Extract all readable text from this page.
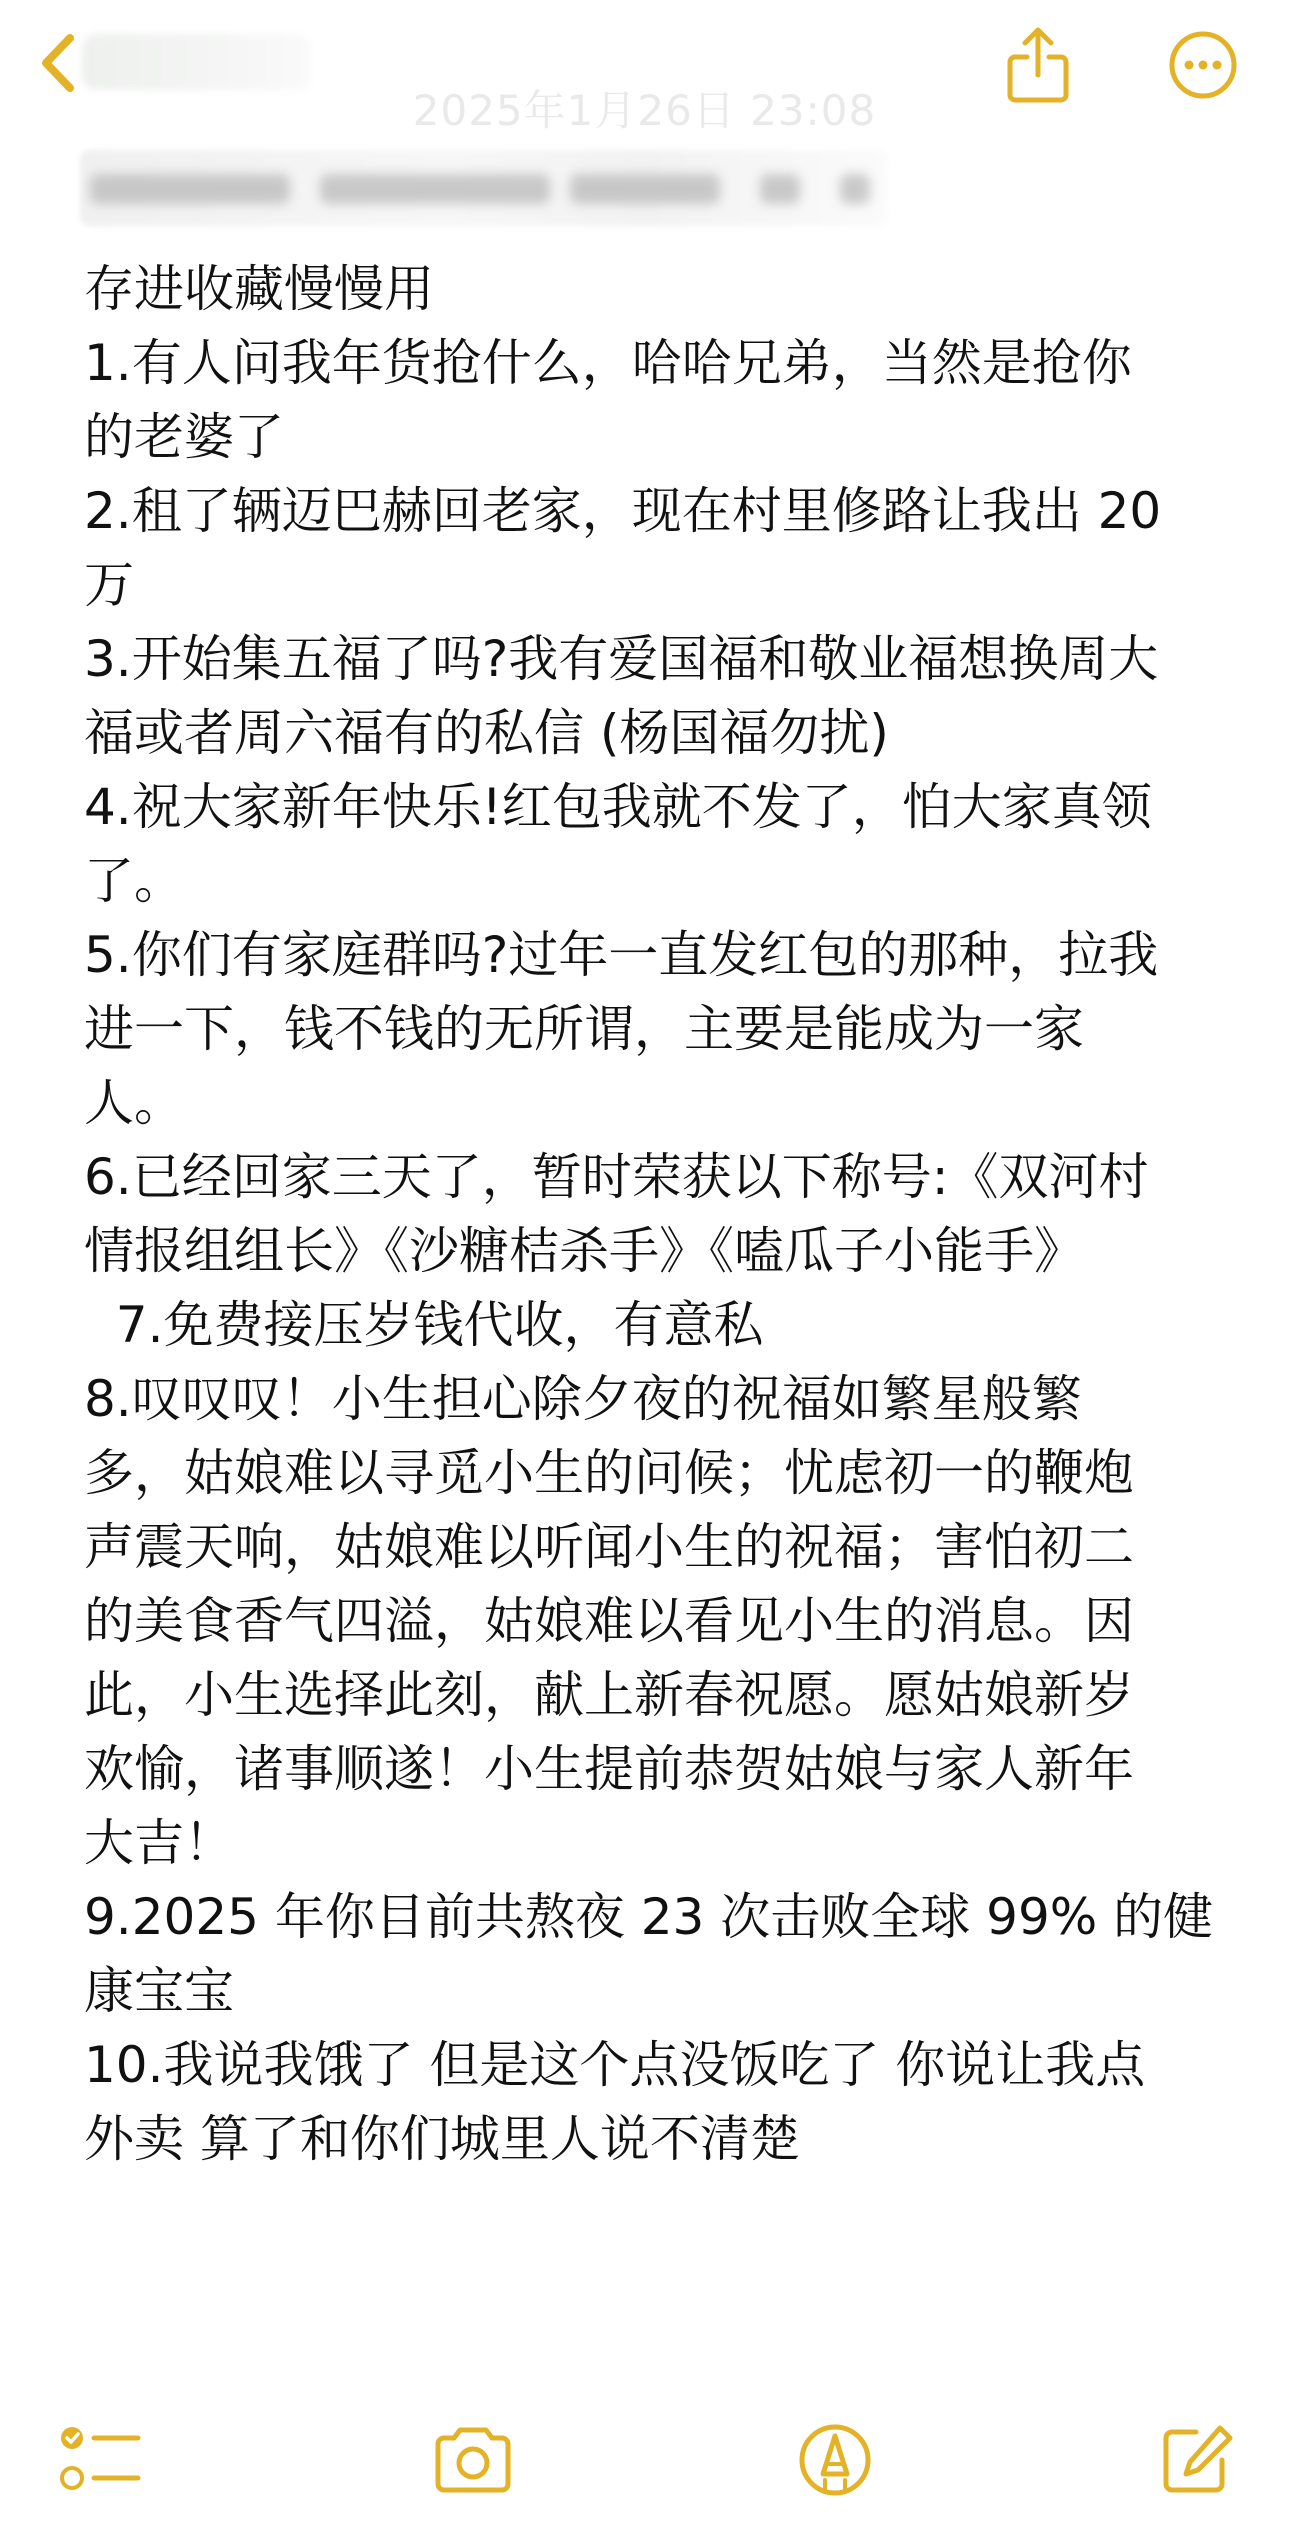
2025年1月26日 23:08
存进收藏慢慢用
1.有人问我年货抢什么，哈哈兄弟，当然是抢你
的老婆了
2.租了辆迈巴赫回老家，现在村里修路让我出 20
万
3.开始集五福了吗?我有爱国福和敬业福想换周大
福或者周六福有的私信 (杨国福勿扰)
4.祝大家新年快乐!红包我就不发了，怕大家真领
了。
5.你们有家庭群吗?过年一直发红包的那种，拉我
进一下，钱不钱的无所谓，主要是能成为一家
人。
6.已经回家三天了，暂时荣获以下称号:《双河村
情报组组长》《沙糖桔杀手》《嗑瓜子小能手》
7.免费接压岁钱代收，有意私
8.叹叹叹！小生担心除夕夜的祝福如繁星般繁
多，姑娘难以寻觅小生的问候；忧虑初一的鞭炮
声震天响，姑娘难以听闻小生的祝福；害怕初二
的美食香气四溢，姑娘难以看见小生的消息。因
此，小生选择此刻，献上新春祝愿。愿姑娘新岁
欢愉，诸事顺遂！小生提前恭贺姑娘与家人新年
大吉！
9.2025 年你目前共熬夜 23 次击败全球 99% 的健
康宝宝
10.我说我饿了 但是这个点没饭吃了 你说让我点
外卖 算了和你们城里人说不清楚
